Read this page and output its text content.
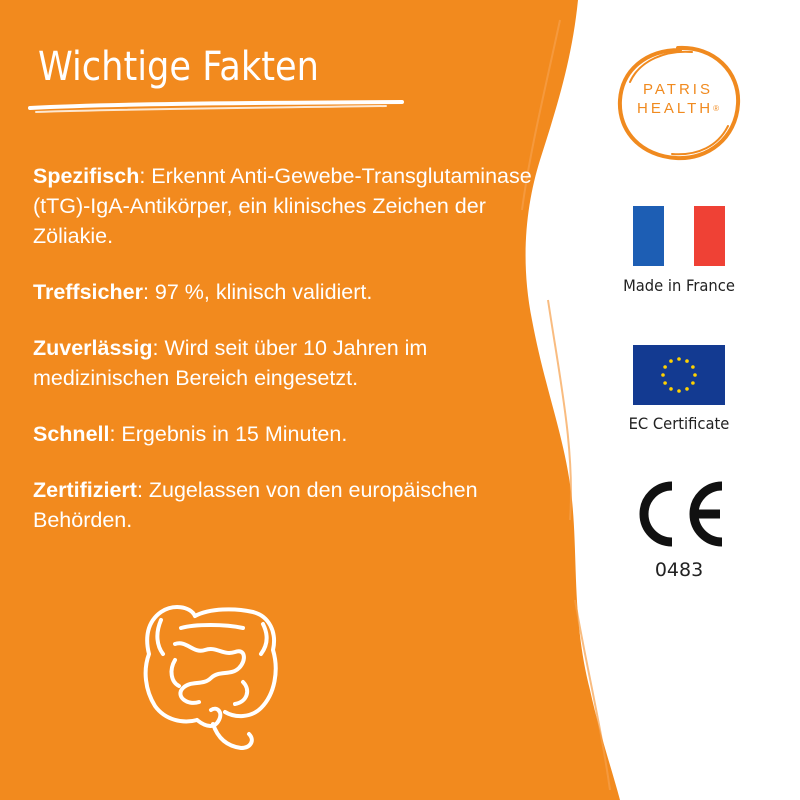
Wichtige Fakten

Spezifisch: Erkennt Anti-Gewebe-Transglutaminase (tTG)-IgA-Antikörper, ein klinisches Zeichen der Zöliakie.

Treffsicher: 97 %, klinisch validiert.

Zuverlässig: Wird seit über 10 Jahren im medizinischen Bereich eingesetzt.

Schnell: Ergebnis in 15 Minuten.

Zertifiziert: Zugelassen von den europäischen Behörden.

PATRIS
HEALTH®
Made in France
EC Certificate
0483
